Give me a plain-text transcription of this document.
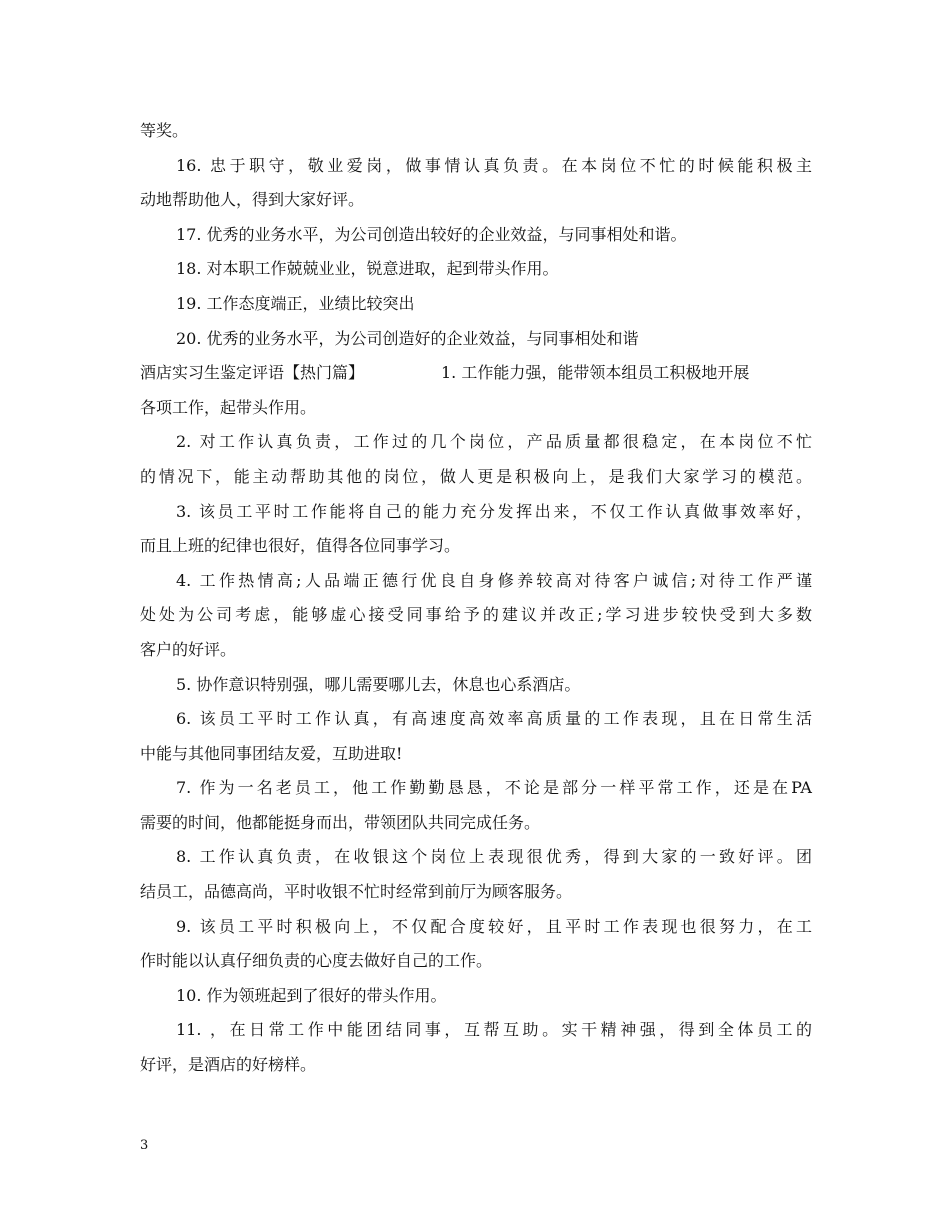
等奖。
16. 忠于职守，敬业爱岗，做事情认真负责。在本岗位不忙的时候能积极主
动地帮助他人，得到大家好评。
17. 优秀的业务水平，为公司创造出较好的企业效益，与同事相处和谐。
18. 对本职工作兢兢业业，锐意进取，起到带头作用。
19. 工作态度端正，业绩比较突出
20. 优秀的业务水平，为公司创造好的企业效益，与同事相处和谐
酒店实习生鉴定评语【热门篇】	1. 工作能力强，能带领本组员工积极地开展
各项工作，起带头作用。
2. 对工作认真负责，工作过的几个岗位，产品质量都很稳定，在本岗位不忙
的情况下，能主动帮助其他的岗位，做人更是积极向上，是我们大家学习的模范。
3. 该员工平时工作能将自己的能力充分发挥出来，不仅工作认真做事效率好，
而且上班的纪律也很好，值得各位同事学习。
4. 工作热情高;人品端正德行优良自身修养较高对待客户诚信;对待工作严谨
处处为公司考虑，能够虚心接受同事给予的建议并改正;学习进步较快受到大多数
客户的好评。
5. 协作意识特别强，哪儿需要哪儿去，休息也心系酒店。
6. 该员工平时工作认真，有高速度高效率高质量的工作表现，且在日常生活
中能与其他同事团结友爱，互助进取!
7. 作为一名老员工，他工作勤勤恳恳，不论是部分一样平常工作，还是在PA
需要的时间，他都能挺身而出，带领团队共同完成任务。
8. 工作认真负责，在收银这个岗位上表现很优秀，得到大家的一致好评。团
结员工，品德高尚，平时收银不忙时经常到前厅为顾客服务。
9. 该员工平时积极向上，不仅配合度较好，且平时工作表现也很努力，在工
作时能以认真仔细负责的心度去做好自己的工作。
10. 作为领班起到了很好的带头作用。
11. ，在日常工作中能团结同事，互帮互助。实干精神强，得到全体员工的
好评，是酒店的好榜样。
3
